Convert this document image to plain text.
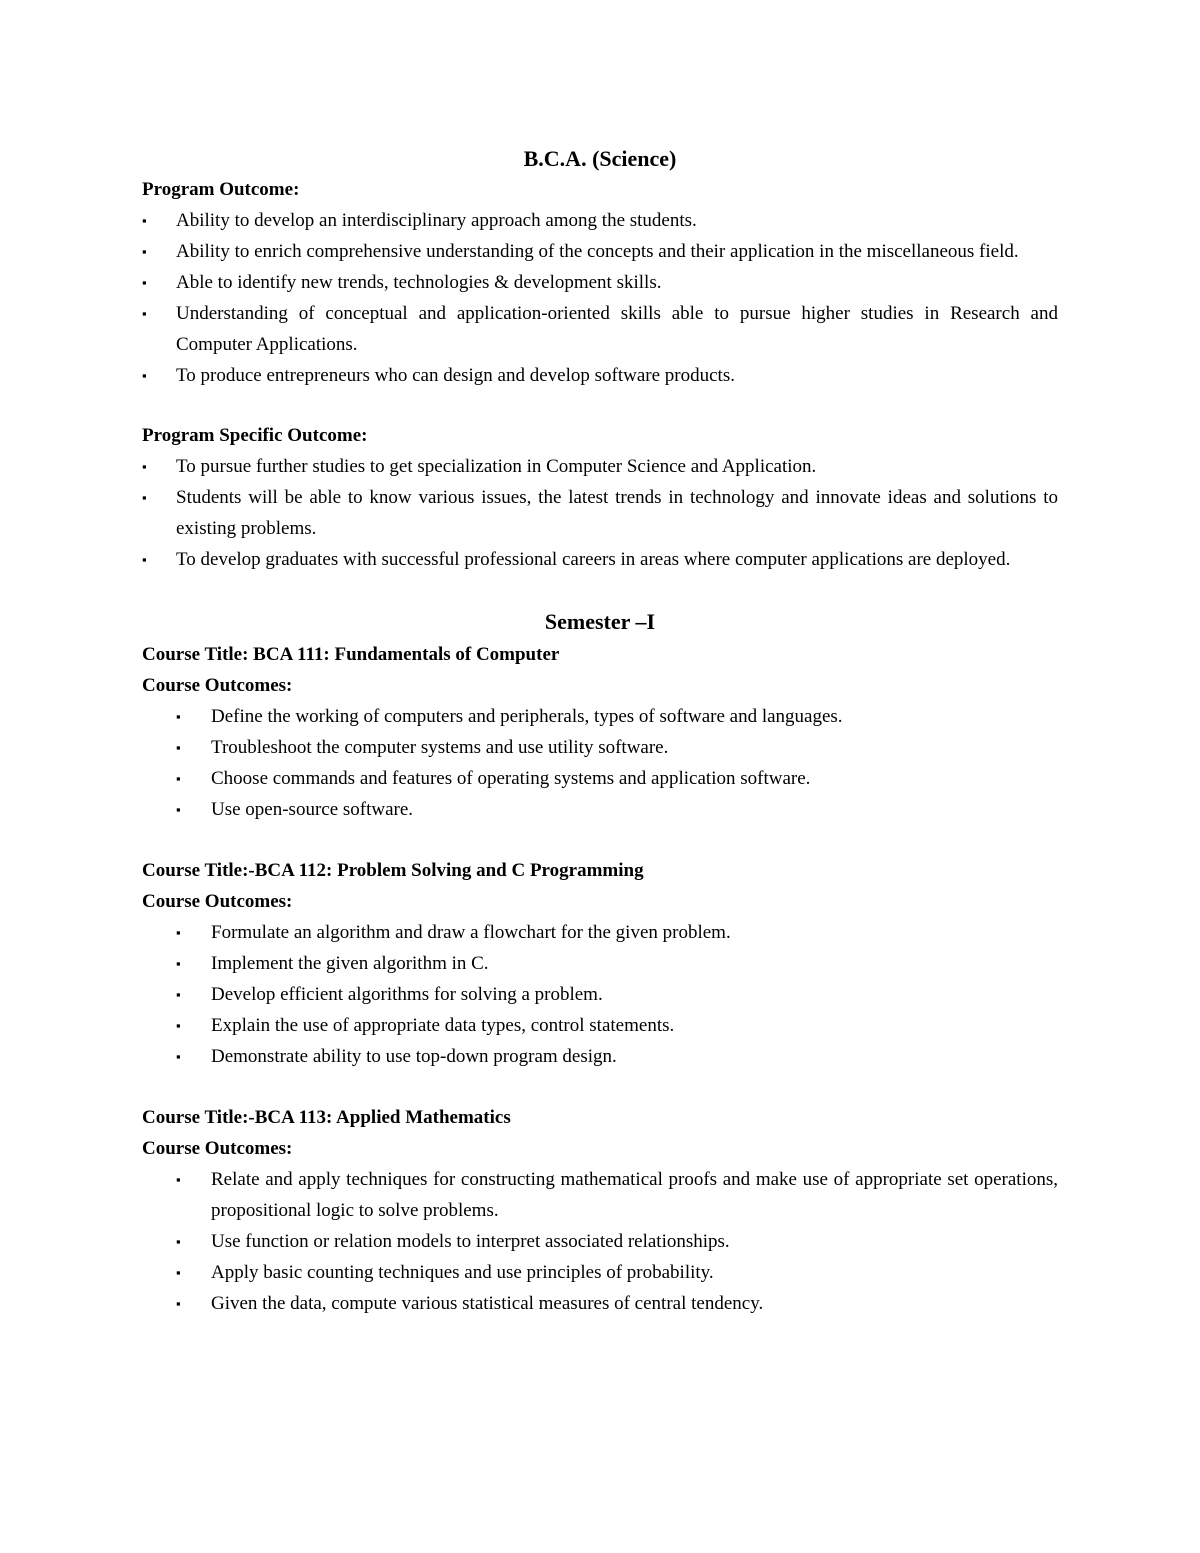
B.C.A. (Science)

Program Outcome:

▪ Ability to develop an interdisciplinary approach among the students.
▪ Ability to enrich comprehensive understanding of the concepts and their application in the miscellaneous field.
▪ Able to identify new trends, technologies & development skills.
▪ Understanding of conceptual and application-oriented skills able to pursue higher studies in Research and Computer Applications.
▪ To produce entrepreneurs who can design and develop software products.

Program Specific Outcome:

▪ To pursue further studies to get specialization in Computer Science and Application.
▪ Students will be able to know various issues, the latest trends in technology and innovate ideas and solutions to existing problems.
▪ To develop graduates with successful professional careers in areas where computer applications are deployed.
Semester –I

Course Title: BCA 111: Fundamentals of Computer

Course Outcomes:

▪ Define the working of computers and peripherals, types of software and languages.
▪ Troubleshoot the computer systems and use utility software.
▪ Choose commands and features of operating systems and application software.
▪ Use open-source software.

Course Title:-BCA 112: Problem Solving and C Programming

Course Outcomes:

▪ Formulate an algorithm and draw a flowchart for the given problem.
▪ Implement the given algorithm in C.
▪ Develop efficient algorithms for solving a problem.
▪ Explain the use of appropriate data types, control statements.
▪ Demonstrate ability to use top-down program design.

Course Title:-BCA 113: Applied Mathematics

Course Outcomes:

▪ Relate and apply techniques for constructing mathematical proofs and make use of appropriate set operations, propositional logic to solve problems.
▪ Use function or relation models to interpret associated relationships.
▪ Apply basic counting techniques and use principles of probability.
▪ Given the data, compute various statistical measures of central tendency.
